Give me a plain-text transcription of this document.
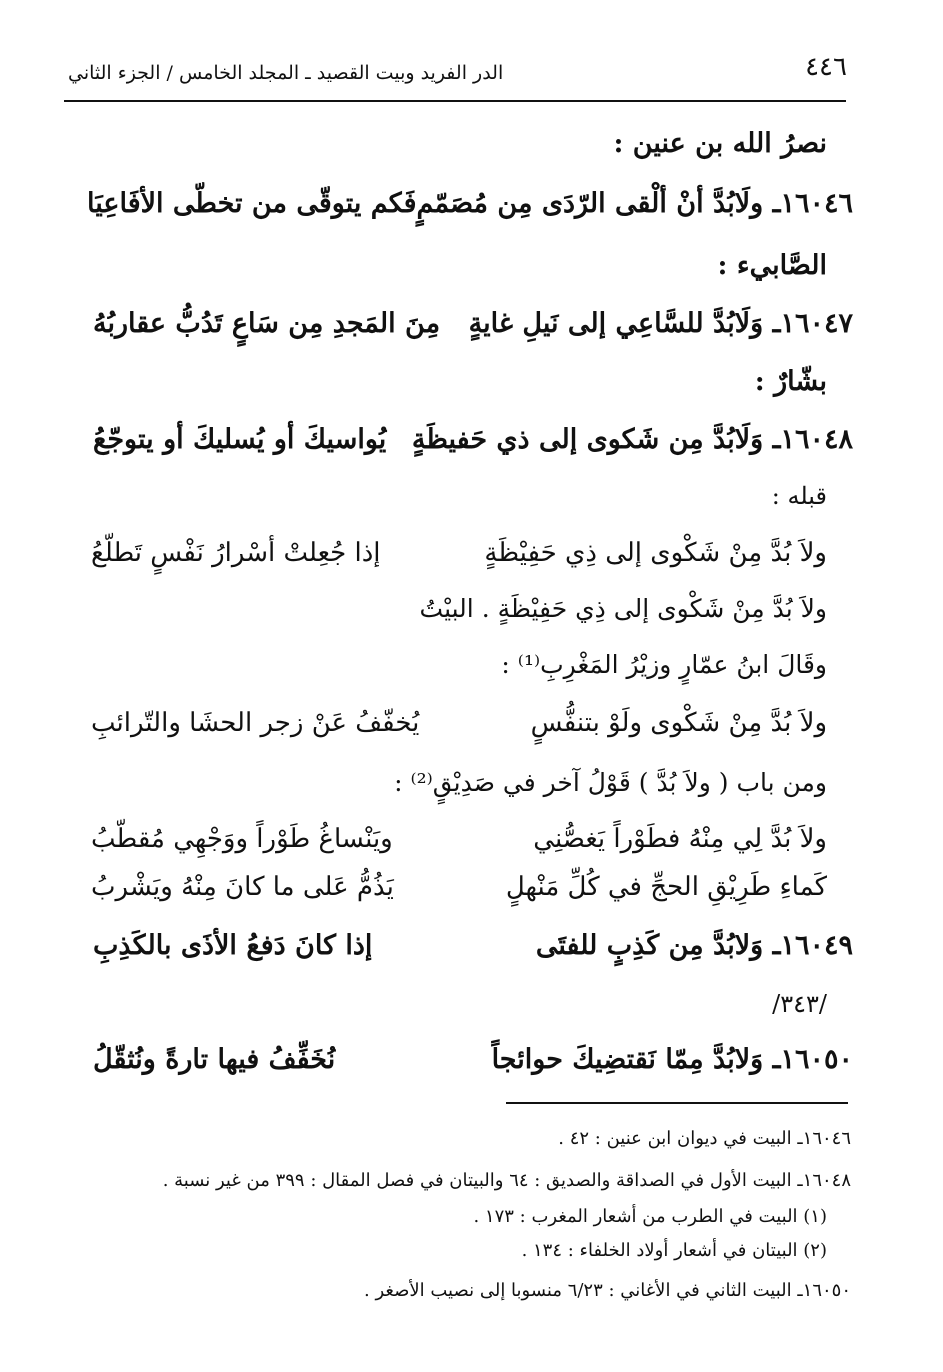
٤٤٦
الدر الفريد وبيت القصيد ـ المجلد الخامس / الجزء الثاني
نصرُ الله بن عنين :
١٦٠٤٦ـ ولَابُدَّ أنْ ألْقى الرّدَى مِن مُصَمّمٍ
فَكم يتوقّى من تخطّى الأفَاعِيَا
الصَّابيء :
١٦٠٤٧ـ وَلَابُدَّ للسَّاعِي إلى نَيلِ غايةٍ
مِنَ المَجدِ مِن سَاعٍ تَدُبُّ عقاربُهُ
بشّارٌ :
١٦٠٤٨ـ وَلَابُدَّ مِن شَكوى إلى ذي حَفيظَةٍ
يُواسيكَ أو يُسليكَ أو يتوجّعُ
قبله :
ولاَ بُدَّ مِنْ شَكْوى إلى ذِي حَفِيْظَةٍ
إذا جُعِلتْ أسْرارُ نَفْسٍ تَطلّعُ
ولاَ بُدَّ مِنْ شَكْوى إلى ذِي حَفِيْظَةٍ . البيْتُ
وقَالَ ابنُ عمّارٍ وزيْرُ المَغْرِبِ⁽¹⁾ :
ولاَ بُدَّ مِنْ شَكْوى ولَوْ بتنفُّسٍ
يُخفّفُ عَنْ زجر الحشَا والتّرائبِ
ومن باب ( ولاَ بُدَّ ) قَوْلُ آخر في صَدِيْقٍ⁽²⁾ :
ولاَ بُدَّ لِي مِنْهُ فطَوْراً يَغصُّنِي
ويَنْساغُ طَوْراً ووَجْهِي مُقطّبُ
كَماءِ طَرِيْقِ الحجِّ في كُلِّ مَنْهلٍ
يَذُمُّ عَلى ما كانَ مِنْهُ ويَشْربُ
١٦٠٤٩ـ وَلابُدَّ مِن كَذِبٍ للفتَى
إذا كانَ دَفعُ الأذَى بالكَذِبِ
/٣٤٣/
١٦٠٥٠ـ وَلابُدَّ مِمّا نَقتضِيكَ حوائجاً
نُخَفِّفُ فيها تارةً ونُثقّلُ
١٦٠٤٦ـ البيت في ديوان ابن عنين : ٤٢ .
١٦٠٤٨ـ البيت الأول في الصداقة والصديق : ٦٤ والبيتان في فصل المقال : ٣٩٩ من غير نسبة .
(١) البيت في الطرب من أشعار المغرب : ١٧٣ .
(٢) البيتان في أشعار أولاد الخلفاء : ١٣٤ .
١٦٠٥٠ـ البيت الثاني في الأغاني : ٦/٢٣ منسوبا إلى نصيب الأصغر .
